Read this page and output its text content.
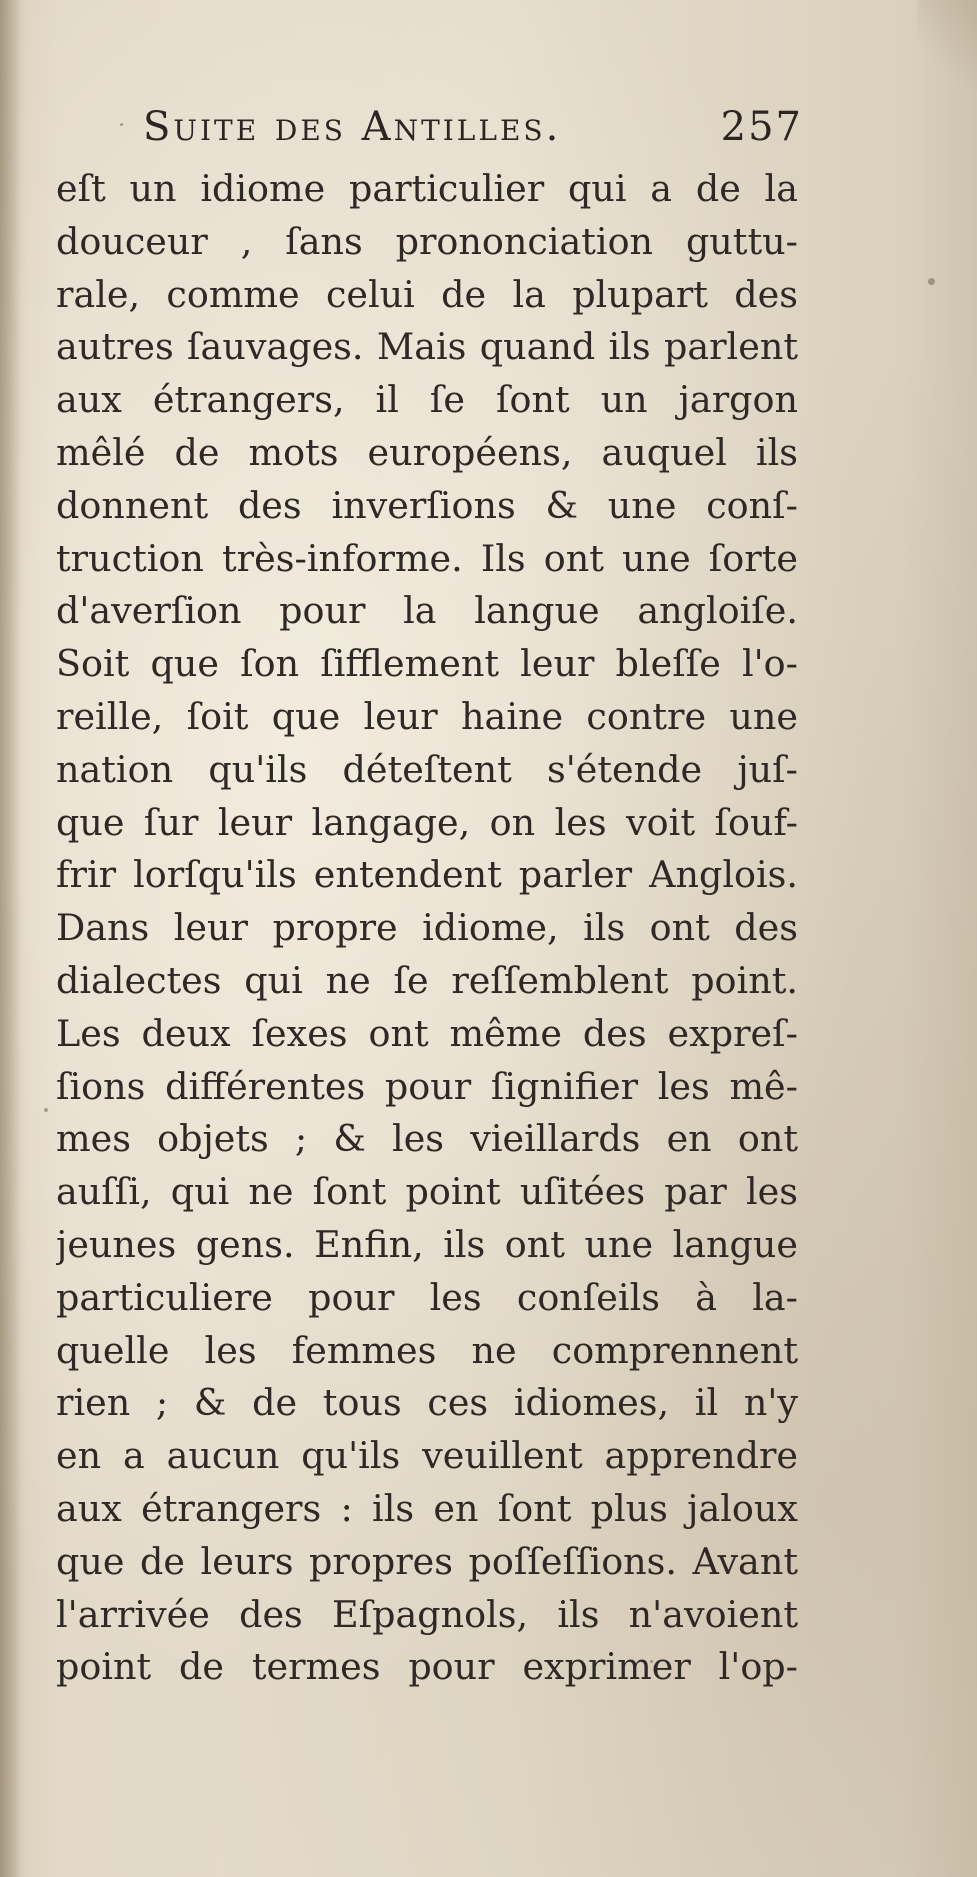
Suite des Antilles.	257
eſt un idiome particulier qui a de la
douceur , ſans prononciation guttu-
rale, comme celui de la plupart des
autres ſauvages. Mais quand ils parlent
aux étrangers, il ſe ſont un jargon
mêlé de mots européens, auquel ils
donnent des inverſions & une conſ-
truction très-informe. Ils ont une ſorte
d'averſion pour la langue angloiſe.
Soit que ſon ſifflement leur bleſſe l'o-
reille, ſoit que leur haine contre une
nation qu'ils déteſtent s'étende juſ-
que ſur leur langage, on les voit ſouf-
frir lorſqu'ils entendent parler Anglois.
Dans leur propre idiome, ils ont des
dialectes qui ne ſe reſſemblent point.
Les deux ſexes ont même des expreſ-
ſions différentes pour ſignifier les mê-
mes objets ; & les vieillards en ont
auſſi, qui ne ſont point uſitées par les
jeunes gens. Enfin, ils ont une langue
particuliere pour les conſeils à la-
quelle les femmes ne comprennent
rien ; & de tous ces idiomes, il n'y
en a aucun qu'ils veuillent apprendre
aux étrangers : ils en ſont plus jaloux
que de leurs propres poſſeſſions. Avant
l'arrivée des Eſpagnols, ils n'avoient
point de termes pour exprimer l'op-
